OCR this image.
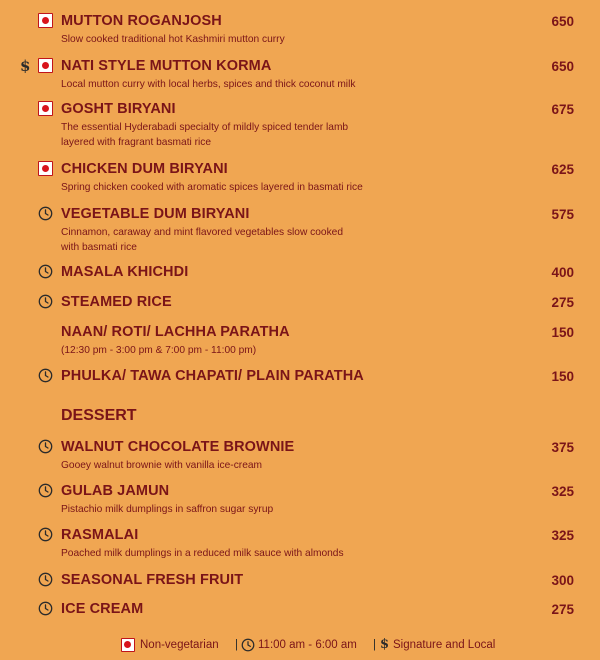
MUTTON ROGANJOSH	650
Slow cooked traditional hot Kashmiri mutton curry
$ NATI STYLE MUTTON KORMA	650
Local mutton curry with local herbs, spices and thick coconut milk
GOSHT BIRYANI	675
The essential Hyderabadi specialty of mildly spiced tender lamb
layered with fragrant basmati rice
CHICKEN DUM BIRYANI	625
Spring chicken cooked with aromatic spices layered in basmati rice
VEGETABLE DUM BIRYANI	575
Cinnamon, caraway and mint flavored vegetables slow cooked
with basmati rice
MASALA KHICHDI	400
STEAMED RICE	275
NAAN/ ROTI/ LACHHA PARATHA	150
(12:30 pm - 3:00 pm & 7:00 pm - 11:00 pm)
PHULKA/ TAWA CHAPATI/ PLAIN PARATHA	150
DESSERT
WALNUT CHOCOLATE BROWNIE	375
Gooey walnut brownie with vanilla ice-cream
GULAB JAMUN	325
Pistachio milk dumplings in saffron sugar syrup
RASMALAI	325
Poached milk dumplings in a reduced milk sauce with almonds
SEASONAL FRESH FRUIT	300
ICE CREAM	275
Non-vegetarian | 11:00 am - 6:00 am | $ Signature and Local
